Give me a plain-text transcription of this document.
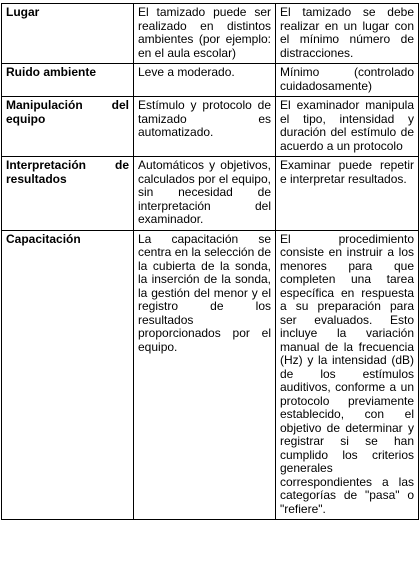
Lugar	El tamizado puede ser realizado en distintos ambientes (por ejemplo: en el aula escolar)	El tamizado se debe realizar en un lugar con el mínimo número de distracciones.
Ruido ambiente	Leve a moderado.	Mínimo (controlado cuidadosamente)
Manipulación del equipo	Estímulo y protocolo de tamizado es automatizado.	El examinador manipula el tipo, intensidad y duración del estímulo de acuerdo a un protocolo
Interpretación de resultados	Automáticos y objetivos, calculados por el equipo, sin necesidad de interpretación del examinador.	Examinar puede repetir e interpretar resultados.
Capacitación	La capacitación se centra en la selección de la cubierta de la sonda, la inserción de la sonda, la gestión del menor y el registro de los resultados proporcionados por el equipo.	El procedimiento consiste en instruir a los menores para que completen una tarea específica en respuesta a su preparación para ser evaluados. Esto incluye la variación manual de la frecuencia (Hz) y la intensidad (dB) de los estímulos auditivos, conforme a un protocolo previamente establecido, con el objetivo de determinar y registrar si se han cumplido los criterios generales correspondientes a las categorías de "pasa" o "refiere".
